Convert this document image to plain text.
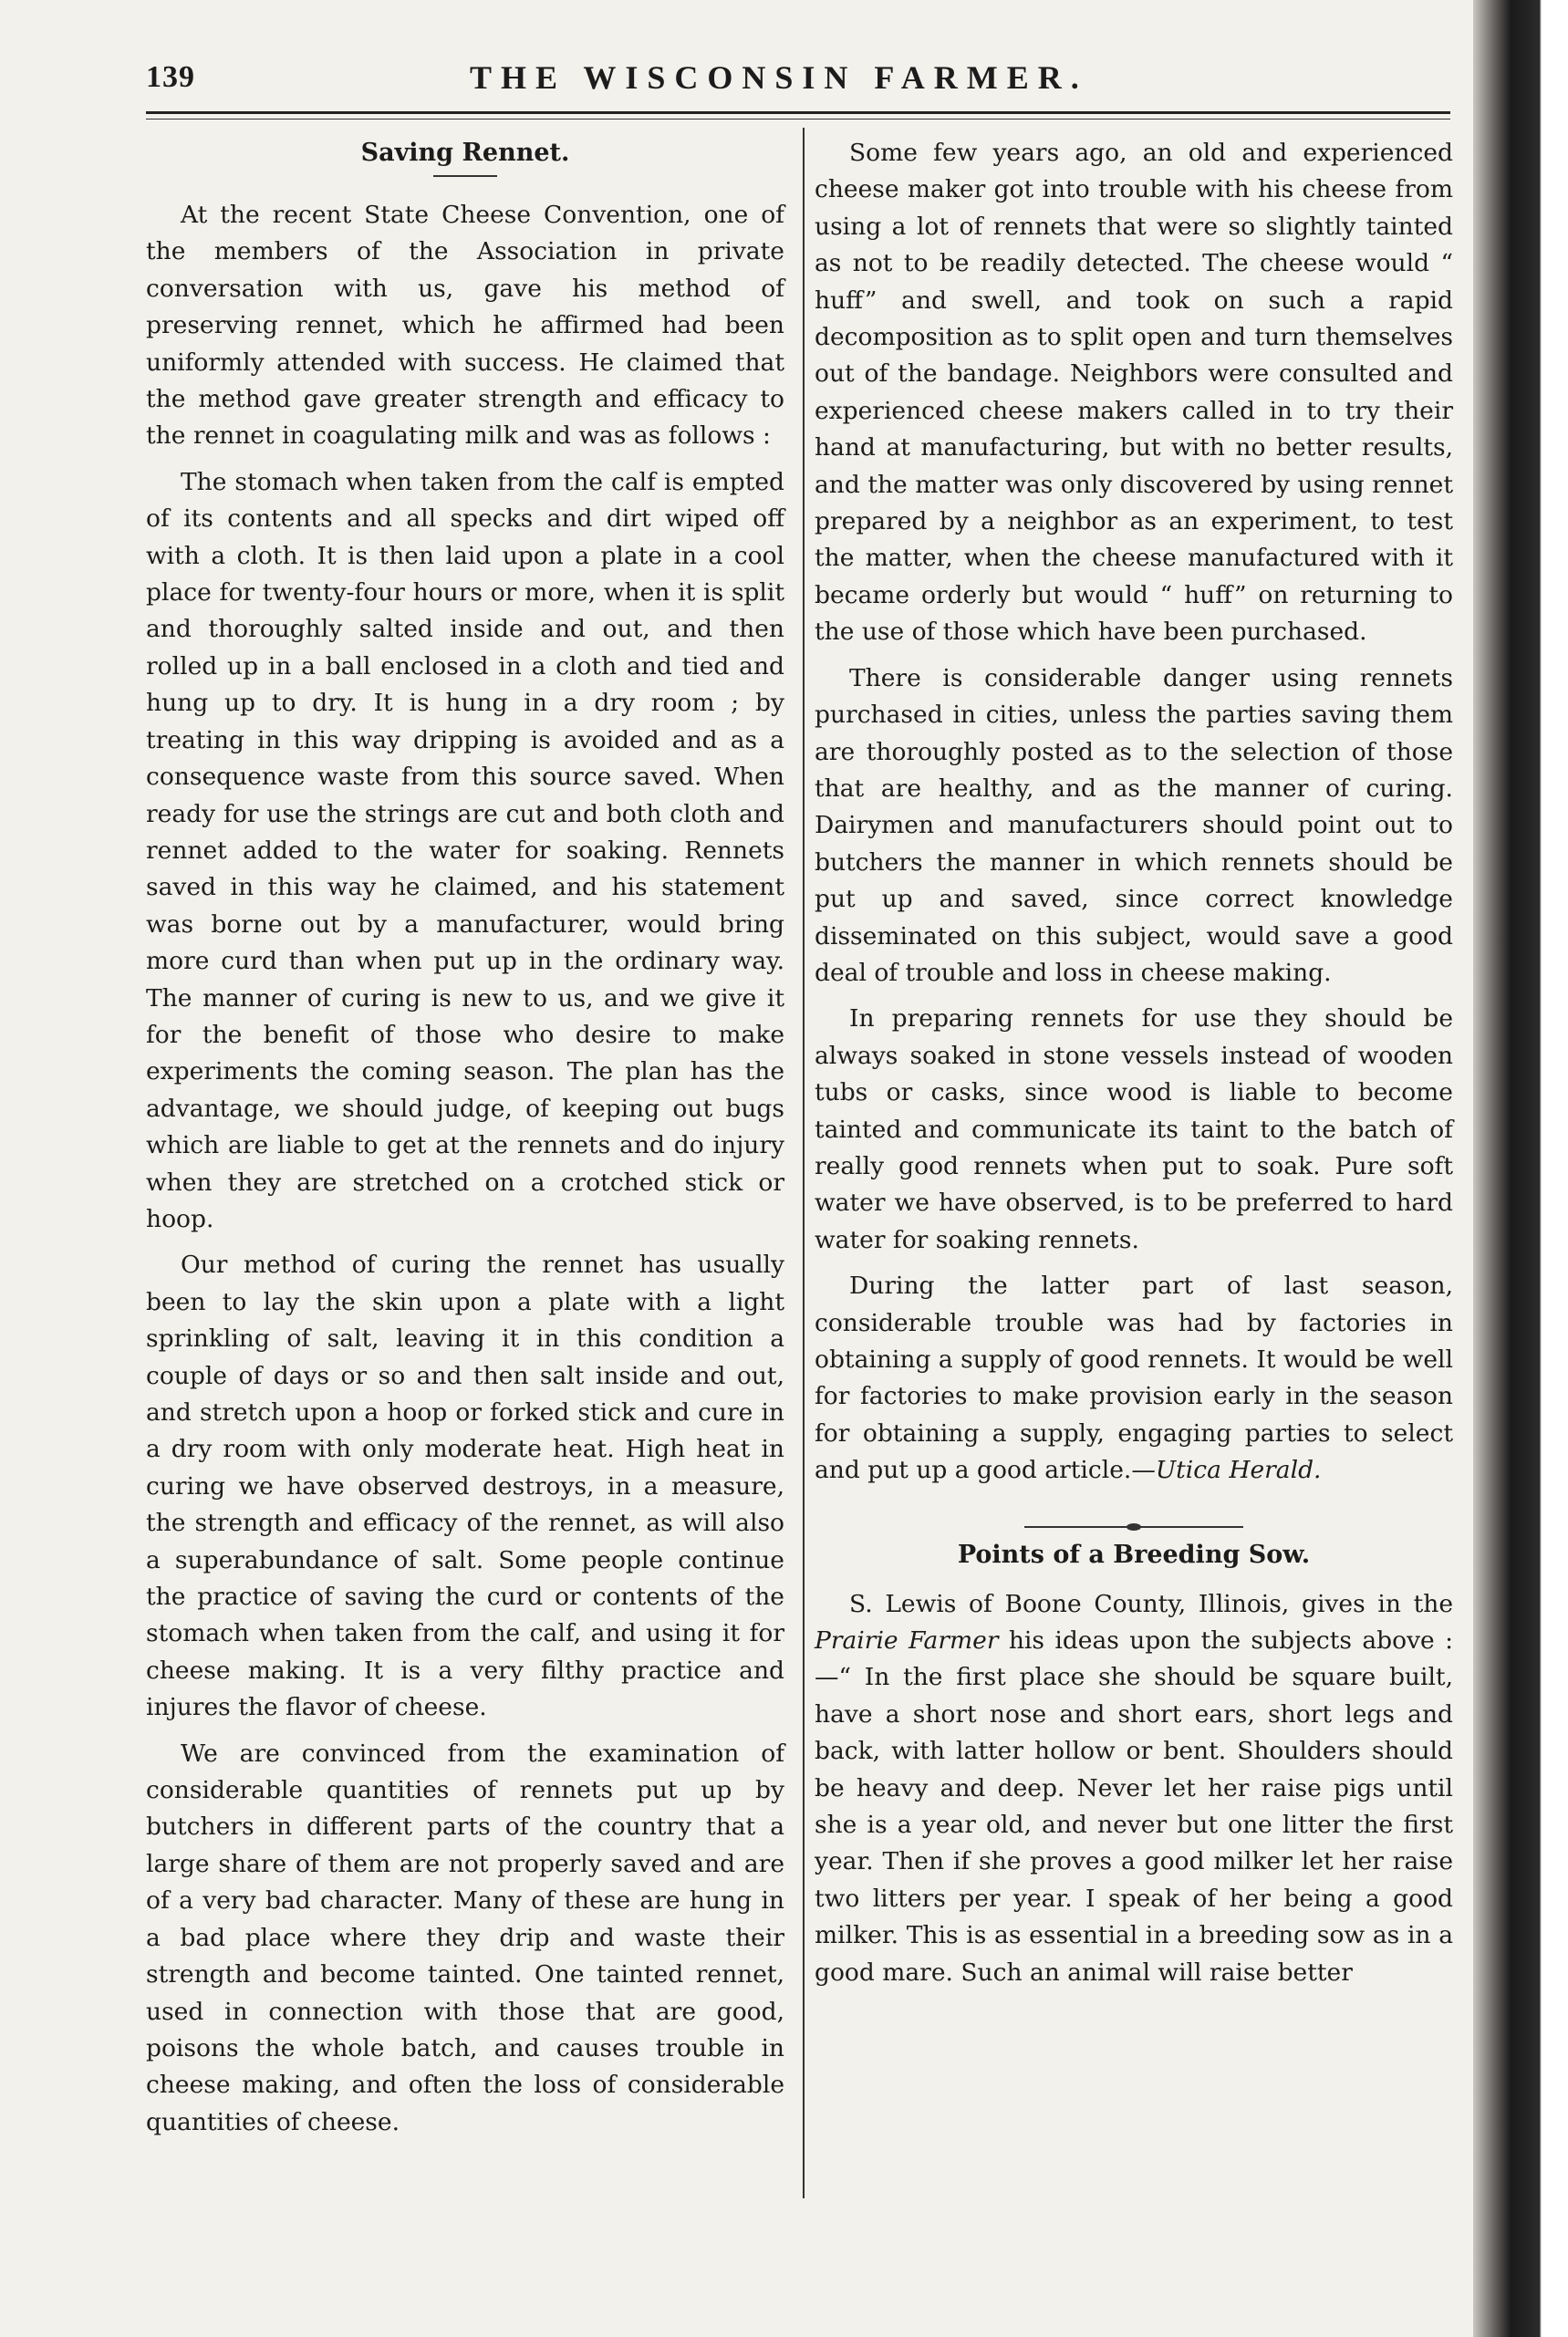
139	THE WISCONSIN FARMER.
Saving Rennet.

At the recent State Cheese Convention, one of the members of the Association in private conversation with us, gave his method of preserving rennet, which he affirmed had been uniformly attended with success. He claimed that the method gave greater strength and efficacy to the rennet in coagulating milk and was as follows :

The stomach when taken from the calf is empted of its contents and all specks and dirt wiped off with a cloth. It is then laid upon a plate in a cool place for twenty-four hours or more, when it is split and thoroughly salted inside and out, and then rolled up in a ball enclosed in a cloth and tied and hung up to dry. It is hung in a dry room ; by treating in this way dripping is avoided and as a consequence waste from this source saved. When ready for use the strings are cut and both cloth and rennet added to the water for soaking. Rennets saved in this way he claimed, and his statement was borne out by a manufacturer, would bring more curd than when put up in the ordinary way. The manner of curing is new to us, and we give it for the benefit of those who desire to make experiments the coming season. The plan has the advantage, we should judge, of keeping out bugs which are liable to get at the rennets and do injury when they are stretched on a crotched stick or hoop.

Our method of curing the rennet has usually been to lay the skin upon a plate with a light sprinkling of salt, leaving it in this condition a couple of days or so and then salt inside and out, and stretch upon a hoop or forked stick and cure in a dry room with only moderate heat. High heat in curing we have observed destroys, in a measure, the strength and efficacy of the rennet, as will also a superabundance of salt. Some people continue the practice of saving the curd or contents of the stomach when taken from the calf, and using it for cheese making. It is a very filthy practice and injures the flavor of cheese.

We are convinced from the examination of considerable quantities of rennets put up by butchers in different parts of the country that a large share of them are not properly saved and are of a very bad character. Many of these are hung in a bad place where they drip and waste their strength and become tainted. One tainted rennet, used in connection with those that are good, poisons the whole batch, and causes trouble in cheese making, and often the loss of considerable quantities of cheese.

Some few years ago, an old and experienced cheese maker got into trouble with his cheese from using a lot of rennets that were so slightly tainted as not to be readily detected. The cheese would “ huff” and swell, and took on such a rapid decomposition as to split open and turn themselves out of the bandage. Neighbors were consulted and experienced cheese makers called in to try their hand at manufacturing, but with no better results, and the matter was only discovered by using rennet prepared by a neighbor as an experiment, to test the matter, when the cheese manufactured with it became orderly but would “ huff” on returning to the use of those which have been purchased.

There is considerable danger using rennets purchased in cities, unless the parties saving them are thoroughly posted as to the selection of those that are healthy, and as the manner of curing. Dairymen and manufacturers should point out to butchers the manner in which rennets should be put up and saved, since correct knowledge disseminated on this subject, would save a good deal of trouble and loss in cheese making.

In preparing rennets for use they should be always soaked in stone vessels instead of wooden tubs or casks, since wood is liable to become tainted and communicate its taint to the batch of really good rennets when put to soak. Pure soft water we have observed, is to be preferred to hard water for soaking rennets.

During the latter part of last season, considerable trouble was had by factories in obtaining a supply of good rennets. It would be well for factories to make provision early in the season for obtaining a supply, engaging parties to select and put up a good article.—Utica Herald.

Points of a Breeding Sow.

S. Lewis of Boone County, Illinois, gives in the Prairie Farmer his ideas upon the subjects above :—“ In the first place she should be square built, have a short nose and short ears, short legs and back, with latter hollow or bent. Shoulders should be heavy and deep. Never let her raise pigs until she is a year old, and never but one litter the first year. Then if she proves a good milker let her raise two litters per year. I speak of her being a good milker. This is as essential in a breeding sow as in a good mare. Such an animal will raise better
